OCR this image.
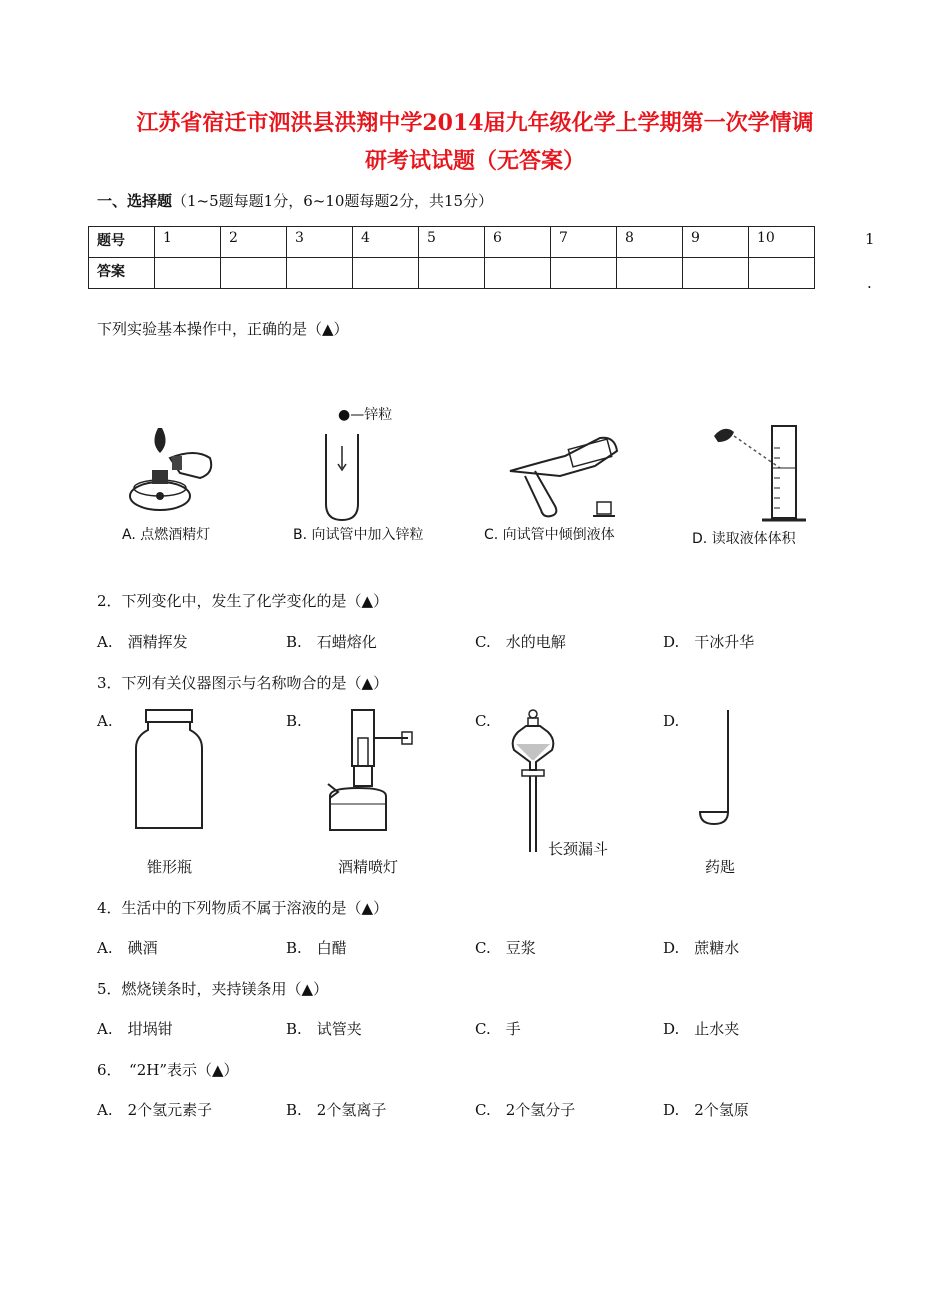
江苏省宿迁市泗洪县洪翔中学2014届九年级化学上学期第一次学情调
研考试试题（无答案）
一、选择题（1~5题每题1分，6~10题每题2分，共15分）
题号	1	2	3	4	5	6	7	8	9	10
答案										
1
.
下列实验基本操作中，正确的是（▲）
A. 点燃酒精灯
●—锌粒
B. 向试管中加入锌粒	C. 向试管中倾倒液体	D. 读取液体体积
2．下列变化中，发生了化学变化的是（▲）
A.　酒精挥发	B.　石蜡熔化	C.　水的电解	D.　干冰升华
3．下列有关仪器图示与名称吻合的是（▲）
A.	B.	C.	D.
锥形瓶	酒精喷灯
长颈漏斗
药匙
4．生活中的下列物质不属于溶液的是（▲）
A.　碘酒	B.　白醋	C.　豆浆	D.　蔗糖水
5．燃烧镁条时，夹持镁条用（▲）
A.　坩埚钳	B.　试管夹	C.　手	D.　止水夹
6．　“2H”表示（▲）
A.　2个氢元素子	B.　2个氢离子	C.　2个氢分子	D.　2个氢原
